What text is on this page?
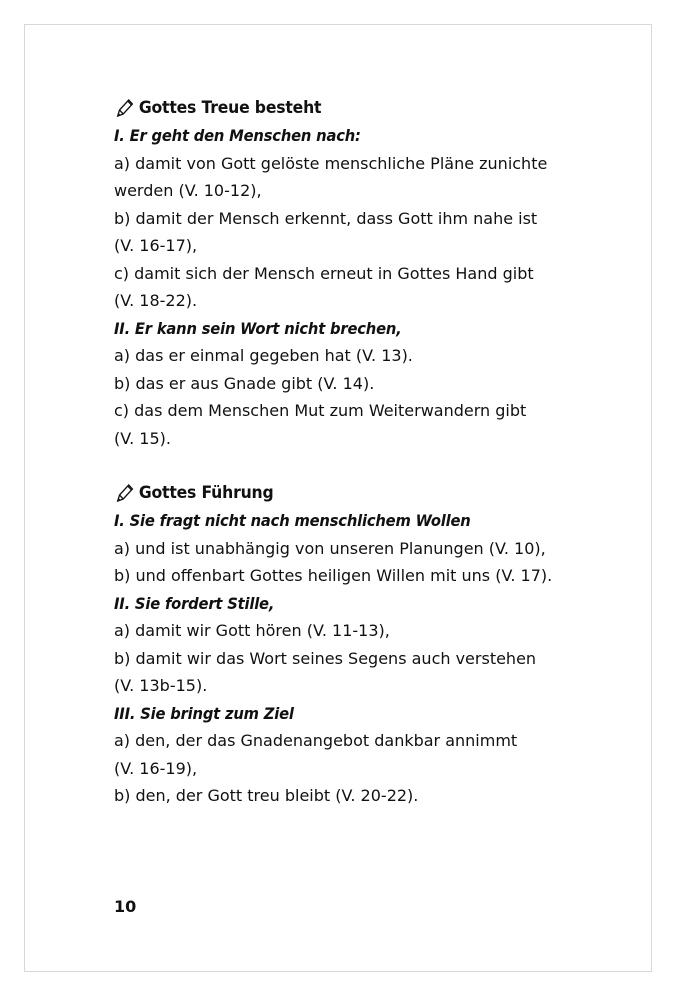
Gottes Treue besteht
I. Er geht den Menschen nach:
a) damit von Gott gelöste menschliche Pläne zunichte
werden (V. 10-12),
b) damit der Mensch erkennt, dass Gott ihm nahe ist
(V. 16-17),
c) damit sich der Mensch erneut in Gottes Hand gibt
(V. 18-22).
II. Er kann sein Wort nicht brechen,
a) das er einmal gegeben hat (V. 13).
b) das er aus Gnade gibt (V. 14).
c) das dem Menschen Mut zum Weiterwandern gibt
(V. 15).
Gottes Führung
I. Sie fragt nicht nach menschlichem Wollen
a) und ist unabhängig von unseren Planungen (V. 10),
b) und offenbart Gottes heiligen Willen mit uns (V. 17).
II. Sie fordert Stille,
a) damit wir Gott hören (V. 11-13),
b) damit wir das Wort seines Segens auch verstehen
(V. 13b-15).
III. Sie bringt zum Ziel
a) den, der das Gnadenangebot dankbar annimmt
(V. 16-19),
b) den, der Gott treu bleibt (V. 20-22).
10
